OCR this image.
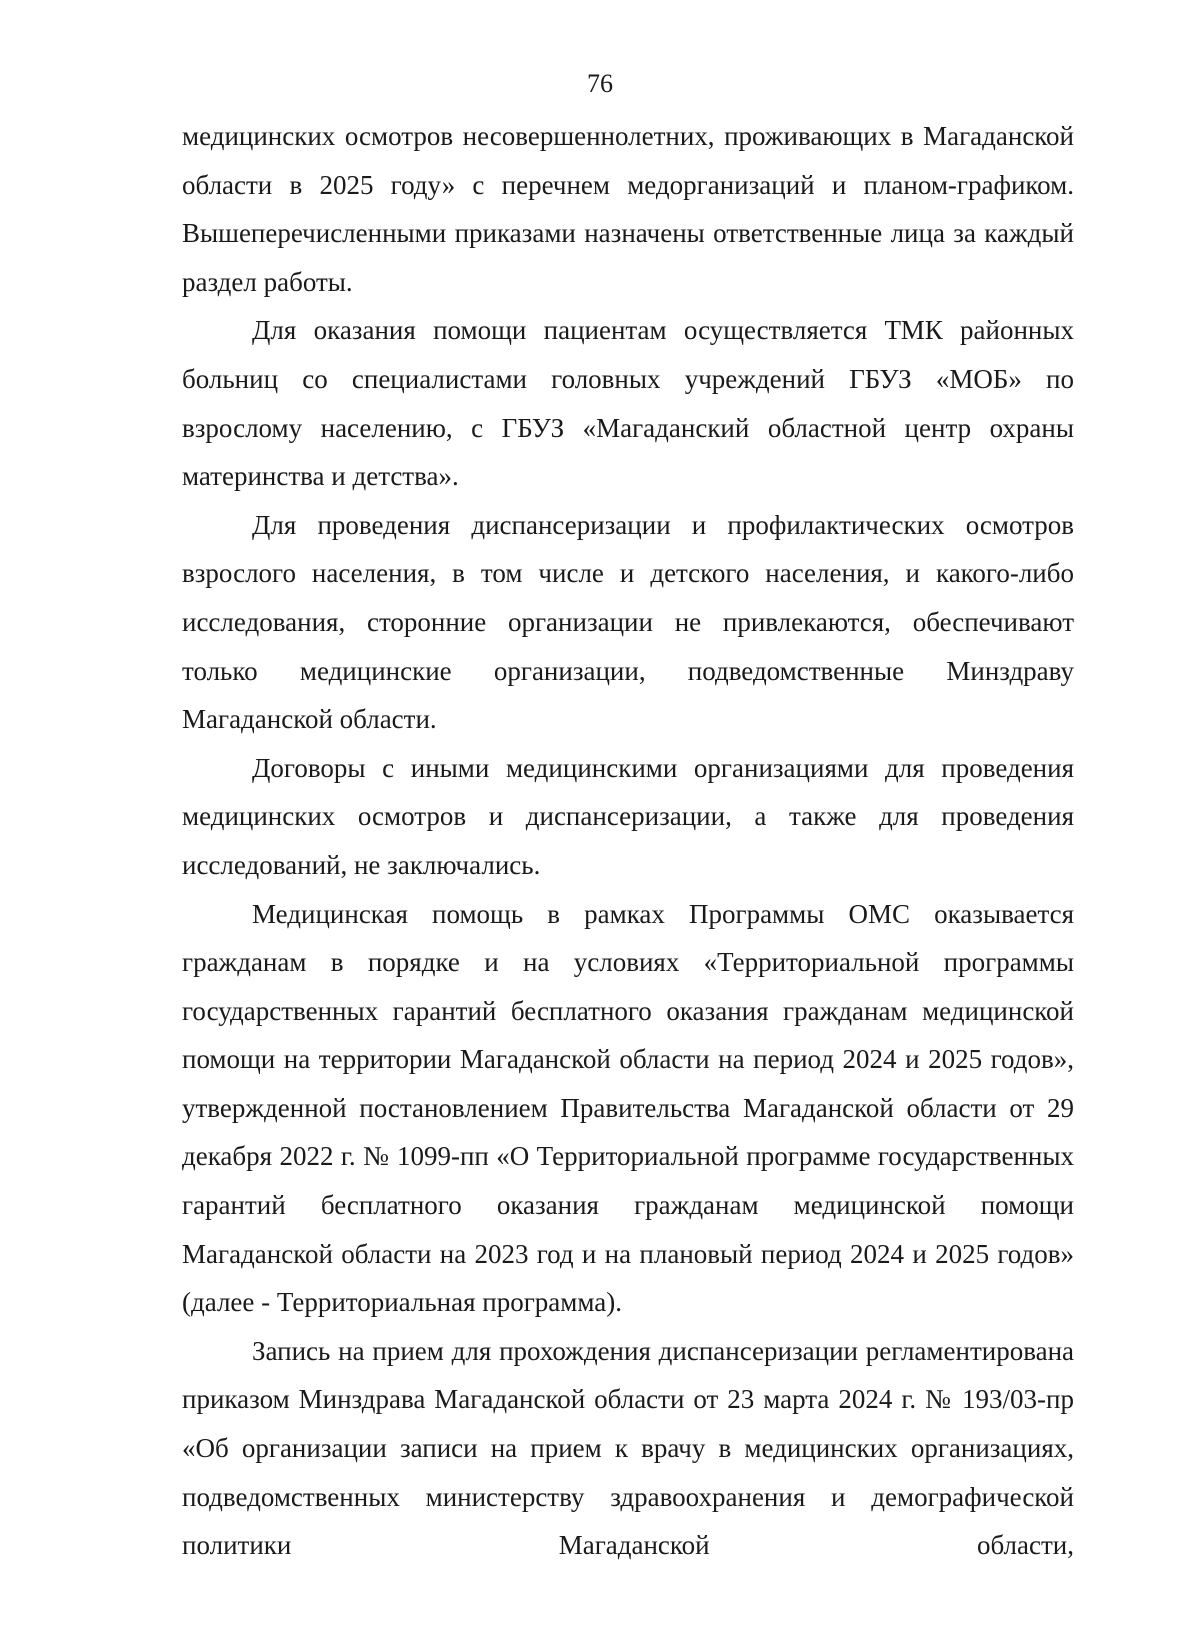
76

медицинских осмотров несовершеннолетних, проживающих в Магаданской области в 2025 году» с перечнем медорганизаций и планом-графиком. Вышеперечисленными приказами назначены ответственные лица за каждый раздел работы.

Для оказания помощи пациентам осуществляется ТМК районных больниц со специалистами головных учреждений ГБУЗ «МОБ» по взрослому населению, с ГБУЗ «Магаданский областной центр охраны материнства и детства».

Для проведения диспансеризации и профилактических осмотров взрослого населения, в том числе и детского населения, и какого-либо исследования, сторонние организации не привлекаются, обеспечивают только медицинские организации, подведомственные Минздраву Магаданской области.

Договоры с иными медицинскими организациями для проведения медицинских осмотров и диспансеризации, а также для проведения исследований, не заключались.

Медицинская помощь в рамках Программы ОМС оказывается гражданам в порядке и на условиях «Территориальной программы государственных гарантий бесплатного оказания гражданам медицинской помощи на территории Магаданской области на период 2024 и 2025 годов», утвержденной постановлением Правительства Магаданской области от 29 декабря 2022 г. № 1099-пп «О Территориальной программе государственных гарантий бесплатного оказания гражданам медицинской помощи Магаданской области на 2023 год и на плановый период 2024 и 2025 годов» (далее - Территориальная программа).

Запись на прием для прохождения диспансеризации регламентирована приказом Минздрава Магаданской области от 23 марта 2024 г. № 193/03-пр «Об организации записи на прием к врачу в медицинских организациях, подведомственных министерству здравоохранения и демографической политики Магаданской области,
